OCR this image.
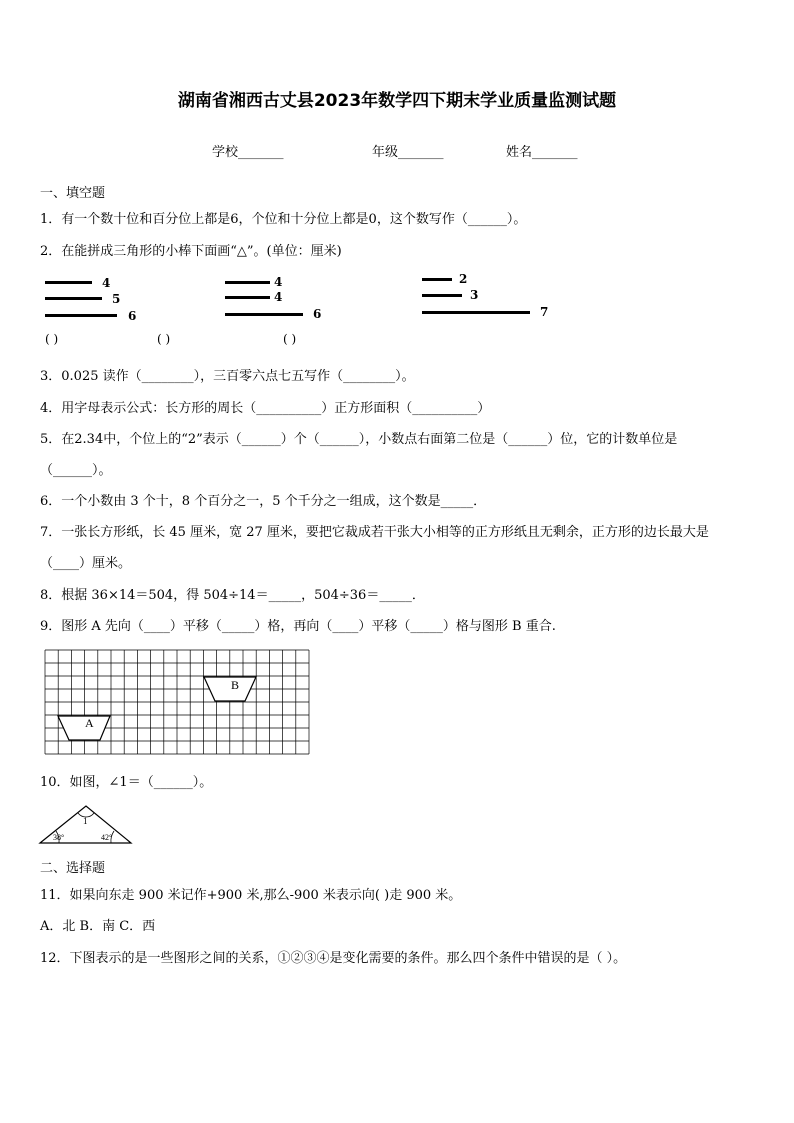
湖南省湘西古丈县2023年数学四下期末学业质量监测试题
学校_______	年级_______	姓名_______
一、填空题
1．有一个数十位和百分位上都是6，个位和十分位上都是0，这个数写作（______）。
2．在能拼成三角形的小棒下面画“△”。(单位：厘米)
4
5
6
( )	( )
4
4
6
( )
2
3
7
3．0.025 读作（________），三百零六点七五写作（________）。
4．用字母表示公式：长方形的周长（__________）正方形面积（__________）
5．在2.34中，个位上的“2”表示（______）个（______），小数点右面第二位是（______）位，它的计数单位是
（______）。
6．一个小数由 3 个十，8 个百分之一，5 个千分之一组成，这个数是_____．
7．一张长方形纸，长 45 厘米，宽 27 厘米，要把它裁成若干张大小相等的正方形纸且无剩余，正方形的边长最大是
（____）厘米。
8．根据 36×14＝504，得 504÷14＝_____，504÷36＝_____．
9．图形 A 先向（____）平移（_____）格，再向（____）平移（_____）格与图形 B 重合.
B
A
10．如图，∠1＝（______）。
1
38°	42°
二、选择题
11．如果向东走 900 米记作+900 米,那么-900 米表示向( )走 900 米。
A．北 B．南 C．西
12．下图表示的是一些图形之间的关系，①②③④是变化需要的条件。那么四个条件中错误的是（ ）。
